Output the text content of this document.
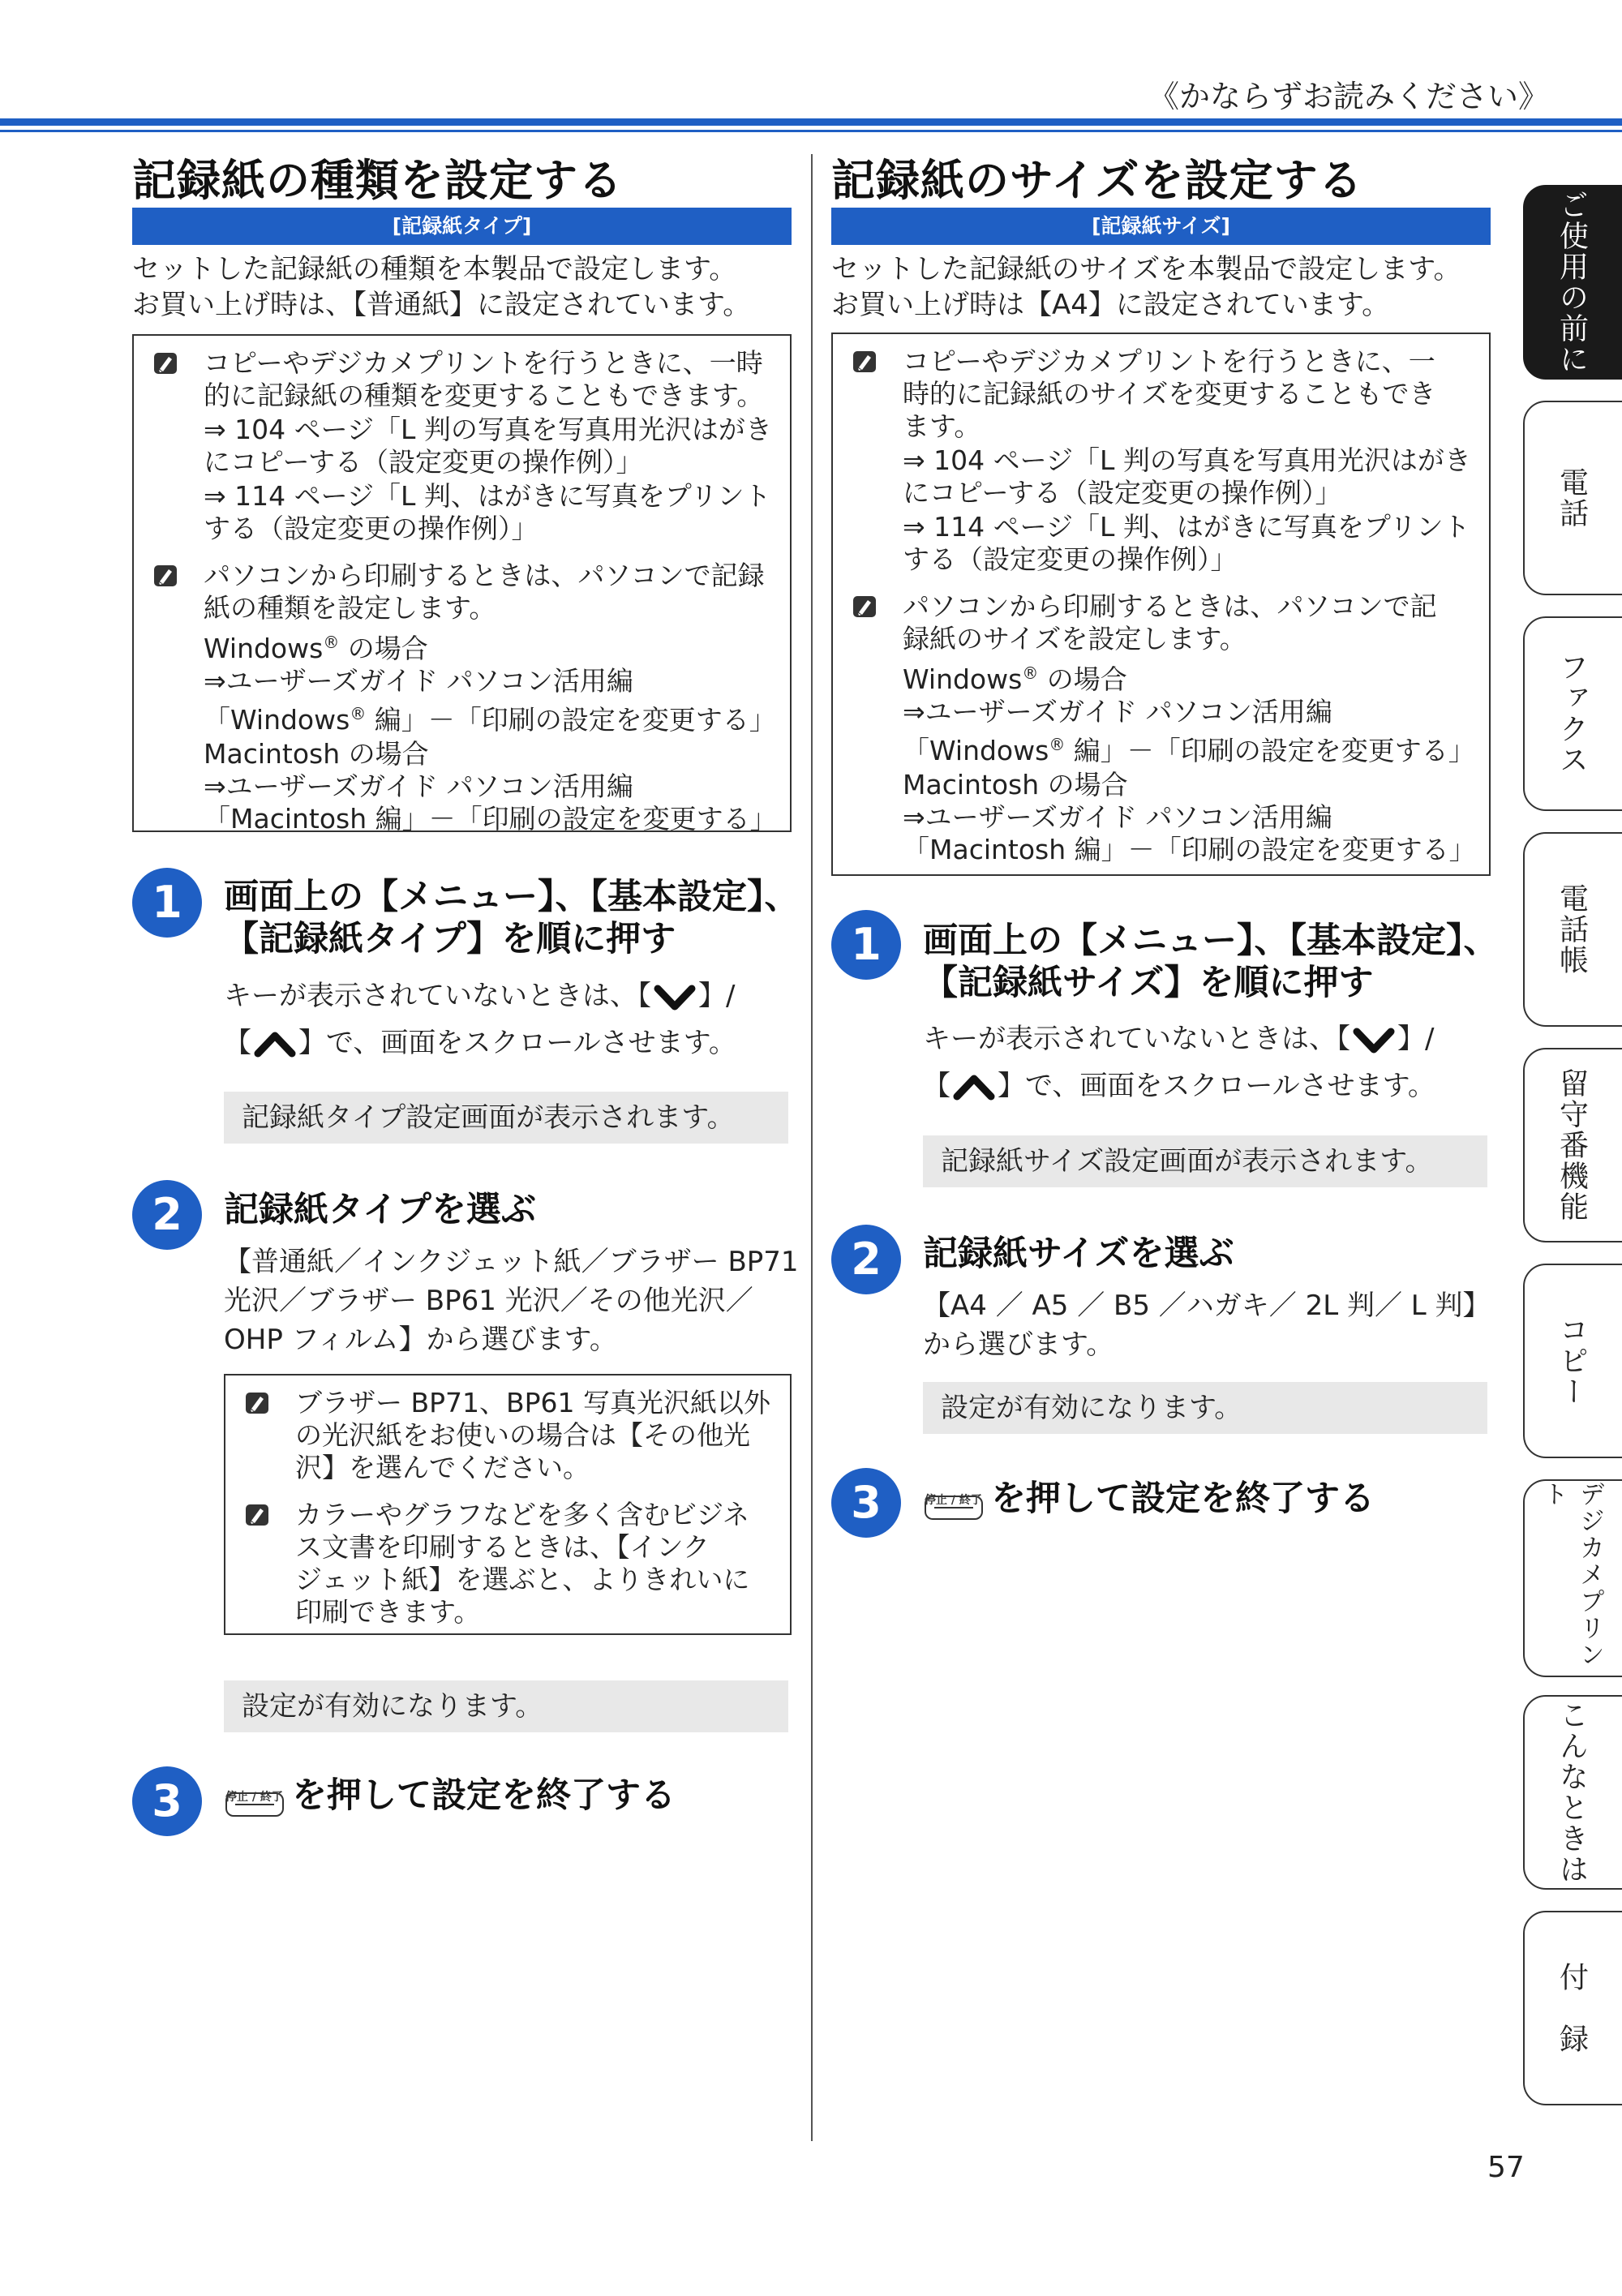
《かならずお読みください》
記録紙の種類を設定する
[記録紙タイプ]
セットした記録紙の種類を本製品で設定します。
お買い上げ時は、【普通紙】に設定されています。

コピーやデジカメプリントを行うときに、一時

的に記録紙の種類を変更することもできます。

⇒ 104 ページ「L 判の写真を写真用光沢はがき

にコピーする（設定変更の操作例）」

⇒ 114 ページ「L 判、はがきに写真をプリント

する（設定変更の操作例）」

パソコンから印刷するときは、パソコンで記録

紙の種類を設定します。

Windows® の場合

⇒ユーザーズガイド パソコン活用編

「Windows® 編」－「印刷の設定を変更する」

Macintosh の場合

⇒ユーザーズガイド パソコン活用編

「Macintosh 編」－「印刷の設定を変更する」

1	画面上の【メニュー】、【基本設定】、
【記録紙タイプ】を順に押す
キーが表示されていないときは、【 】/
【 】で、画面をスクロールさせます。
記録紙タイプ設定画面が表示されます。
2	記録紙タイプを選ぶ
【普通紙／インクジェット紙／ブラザー BP71
光沢／ブラザー BP61 光沢／その他光沢／
OHP フィルム】から選びます。

ブラザー BP71、BP61 写真光沢紙以外

の光沢紙をお使いの場合は【その他光

沢】を選んでください。

カラーやグラフなどを多く含むビジネ

ス文書を印刷するときは、【インク

ジェット紙】を選ぶと、よりきれいに

印刷できます。

設定が有効になります。
3	停止 / 終了 を押して設定を終了する
記録紙のサイズを設定する
[記録紙サイズ]
セットした記録紙のサイズを本製品で設定します。
お買い上げ時は【A4】に設定されています。

コピーやデジカメプリントを行うときに、一

時的に記録紙のサイズを変更することもでき

ます。

⇒ 104 ページ「L 判の写真を写真用光沢はがき

にコピーする（設定変更の操作例）」

⇒ 114 ページ「L 判、はがきに写真をプリント

する（設定変更の操作例）」

パソコンから印刷するときは、パソコンで記

録紙のサイズを設定します。

Windows® の場合

⇒ユーザーズガイド パソコン活用編

「Windows® 編」－「印刷の設定を変更する」

Macintosh の場合

⇒ユーザーズガイド パソコン活用編

「Macintosh 編」－「印刷の設定を変更する」

1	画面上の【メニュー】、【基本設定】、
【記録紙サイズ】を順に押す
キーが表示されていないときは、【 】/
【 】で、画面をスクロールさせます。
記録紙サイズ設定画面が表示されます。
2	記録紙サイズを選ぶ
【A4 ／ A5 ／ B5 ／ハガキ／ 2L 判／ L 判】
から選びます。
設定が有効になります。
3	停止 / 終了 を押して設定を終了する
ご使用の前に
電話
ファクス
電話帳
留守番機能
コピー
デジカメプリント
こんなときは
付　録
57
